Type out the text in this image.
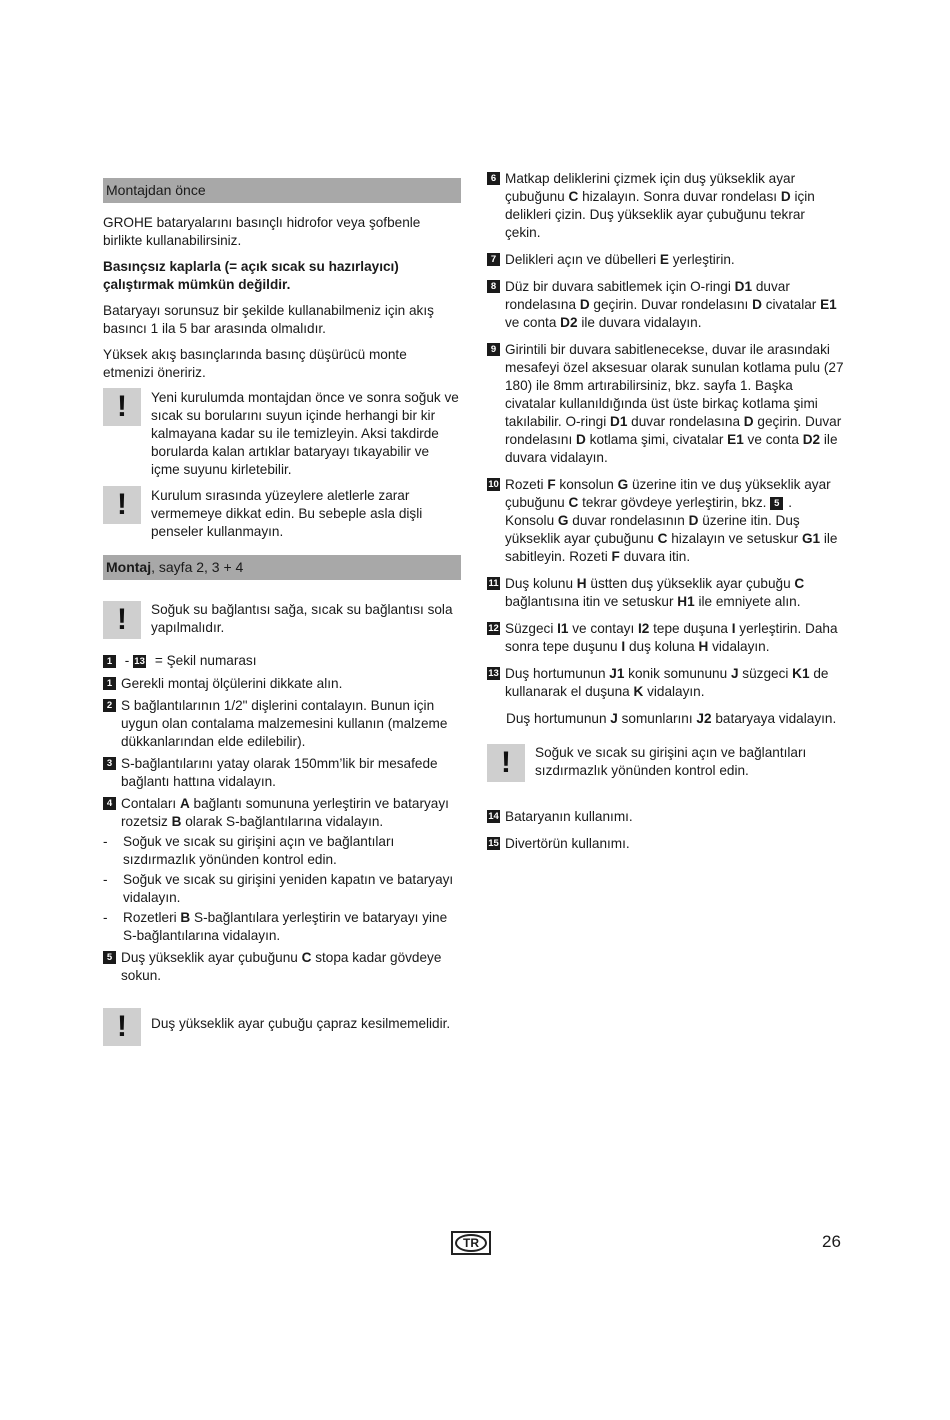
Montajdan önce

GROHE bataryalarını basınçlı hidrofor veya şofbenle birlikte kullanabilirsiniz.

Basınçsız kaplarla (= açık sıcak su hazırlayıcı) çalıştırmak mümkün değildir.

Bataryayı sorunsuz bir şekilde kullanabilmeniz için akış basıncı 1 ila 5 bar arasında olmalıdır.

Yüksek akış basınçlarında basınç düşürücü monte etmenizi öneririz.

!	Yeni kurulumda montajdan önce ve sonra soğuk ve sıcak su borularını suyun içinde herhangi bir kir kalmayana kadar su ile temizleyin. Aksi takdirde borularda kalan artıklar bataryayı tıkayabilir ve içme suyunu kirletebilir.
!	Kurulum sırasında yüzeylere aletlerle zarar vermemeye dikkat edin. Bu sebeple asla dişli penseler kullanmayın.
Montaj, sayfa 2, 3 + 4
!	Soğuk su bağlantısı sağa, sıcak su bağlantısı sola yapılmalıdır.
1 - 13 = Şekil numarası
1 Gerekli montaj ölçülerini dikkate alın.
2 S bağlantılarının 1/2" dişlerini contalayın. Bunun için uygun olan contalama malzemesini kullanın (malzeme dükkanlarından elde edilebilir).
3 S-bağlantılarını yatay olarak 150mm’lik bir mesafede bağlantı hattına vidalayın.
4 Contaları A bağlantı somununa yerleştirin ve bataryayı rozetsiz B olarak S-bağlantılarına vidalayın.
-	Soğuk ve sıcak su girişini açın ve bağlantıları sızdırmazlık yönünden kontrol edin.
-	Soğuk ve sıcak su girişini yeniden kapatın ve bataryayı vidalayın.
-	Rozetleri B S-bağlantılara yerleştirin ve bataryayı yine S-bağlantılarına vidalayın.
5 Duş yükseklik ayar çubuğunu C stopa kadar gövdeye sokun.
!	Duş yükseklik ayar çubuğu çapraz kesilmemelidir.
6 Matkap deliklerini çizmek için duş yükseklik ayar çubuğunu C hizalayın. Sonra duvar rondelası D için delikleri çizin. Duş yükseklik ayar çubuğunu tekrar çekin.
7 Delikleri açın ve dübelleri E yerleştirin.
8 Düz bir duvara sabitlemek için O-ringi D1 duvar rondelasına D geçirin. Duvar rondelasını D civatalar E1 ve conta D2 ile duvara vidalayın.
9 Girintili bir duvara sabitlenecekse, duvar ile arasındaki mesafeyi özel aksesuar olarak sunulan kotlama pulu (27 180) ile 8mm artırabilirsiniz, bkz. sayfa 1. Başka civatalar kullanıldığında üst üste birkaç kotlama şimi takılabilir. O-ringi D1 duvar rondelasına D geçirin. Duvar rondelasını D kotlama şimi, civatalar E1 ve conta D2 ile duvara vidalayın.
10 Rozeti F konsolun G üzerine itin ve duş yükseklik ayar çubuğunu C tekrar gövdeye yerleştirin, bkz. 5 . Konsolu G duvar rondelasının D üzerine itin. Duş yükseklik ayar çubuğunu C hizalayın ve setuskur G1 ile sabitleyin. Rozeti F duvara itin.
11 Duş kolunu H üstten duş yükseklik ayar çubuğu C bağlantısına itin ve setuskur H1 ile emniyete alın.
12 Süzgeci I1 ve contayı I2 tepe duşuna I yerleştirin. Daha sonra tepe duşunu I duş koluna H vidalayın.
13 Duş hortumunun J1 konik somununu J süzgeci K1 de kullanarak el duşuna K vidalayın.
Duş hortumunun J somunlarını J2 bataryaya vidalayın.
!	Soğuk ve sıcak su girişini açın ve bağlantıları sızdırmazlık yönünden kontrol edin.
14 Bataryanın kullanımı.
15 Divertörün kullanımı.
TR	26
